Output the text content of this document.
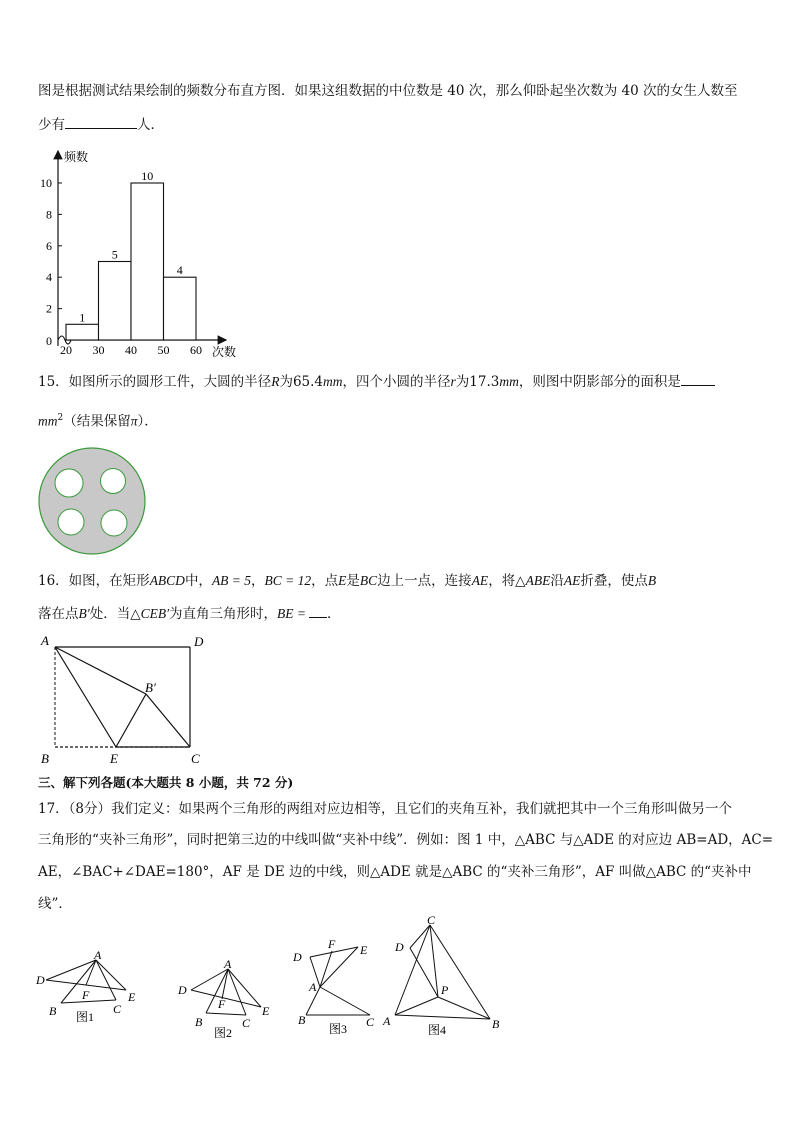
图是根据测试结果绘制的频数分布直方图．如果这组数据的中位数是 40 次，那么仰卧起坐次数为 40 次的女生人数至
少有	人．
0
2
4
6
8
10
频数
1
5
10
4
20 30 40 50 60 次数
15．如图所示的圆形工件，大圆的半径R为65.4mm，四个小圆的半径r为17.3mm，则图中阴影部分的面积是
$mm^2$（结果保留π）．
16．如图，在矩形ABCD中，AB = 5，BC = 12，点E是BC边上一点，连接AE，将△ABE沿AE折叠，使点B
落在点B′处．当△CEB′为直角三角形时，BE = ．
A	D
B′
B	E	C
三、解下列各题(本大题共 8 小题，共 72 分)
17．（8分）我们定义：如果两个三角形的两组对应边相等，且它们的夹角互补，我们就把其中一个三角形叫做另一个
三角形的“夹补三角形”，同时把第三边的中线叫做“夹补中线”．例如：图 1 中，△ABC 与△ADE 的对应边 AB=AD，AC=
AE，∠BAC+∠DAE=180°，AF 是 DE 边的中线，则△ADE 就是△ABC 的“夹补三角形”，AF 叫做△ABC 的“夹补中
线”．
A
D
F	E
B	C
图1
A
D
F	E
B	C
图2
D
F E
A
B	C
图3
C
D
P
A	B
图4
